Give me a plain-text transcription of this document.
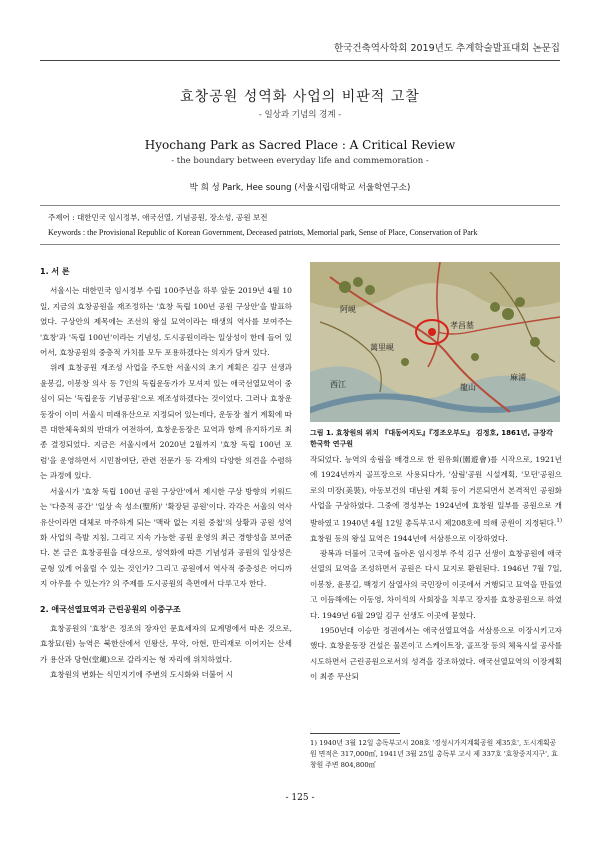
한국건축역사학회 2019년도 추계학술발표대회 논문집
효창공원 성역화 사업의 비판적 고찰
- 일상과 기념의 경계 -
Hyochang Park as Sacred Place : A Critical Review
- the boundary between everyday life and commemoration -
박 희 성 Park, Hee soung (서울시립대학교 서울학연구소)
주제어 : 대한민국 임시정부, 애국선열, 기념공원, 장소성, 공원 보전
Keywords : the Provisional Republic of Korean Government, Deceased patriots, Memorial park, Sense of Place, Conservation of Park
1. 서 론

서울시는 대한민국 임시정부 수립 100주년을 하루 앞둔 2019년 4월 10일, 지금의 효창공원을 재조정하는 '효창 독립 100년 공원 구상안'을 발표하였다. 구상안의 제목에는 조선의 왕실 묘역이라는 태생의 역사를 보여주는 '효창'과 '독립 100년'이라는 기념성, 도시공원이라는 일상성이 한데 들어 있어서, 효창공원의 중층적 가치를 모두 포용하겠다는 의지가 담겨 있다.

위례 효창공원 재조성 사업을 주도한 서울시의 초기 계획은 김구 선생과 윤봉길, 이봉창 의사 등 7인의 독립운동가가 모셔져 있는 애국선열묘역이 중심이 되는 '독립운동 기념공원'으로 재조성하겠다는 것이었다. 그러나 효창운동장이 이미 서울시 미래유산으로 지정되어 있는데다, 운동장 철거 계획에 따른 대한체육회의 반대가 여전하여, 효창운동장은 묘역과 함께 유지하기로 최종 결정되었다. 지금은 서울시에서 2020년 2월까지 '효창 독립 100년 포럼'을 운영하면서 시민참여단, 관련 전문가 등 각계의 다양한 의견을 수렴하는 과정에 있다.

서울시가 '효창 독립 100년 공원 구상안'에서 제시한 구상 방향의 키워드는 '다층적 공간' '일상 속 성소(聖所)' '확장된 공원'이다. 각각은 서울의 역사유산이라면 대체로 마주하게 되는 '맥락 없는 지원 중첩'의 상황과 공원 성역화 사업의 측발 지침, 그리고 지속 가능한 공원 운영의 최근 경향성을 보여준다. 본 글은 효창공원을 대상으로, 성역화에 따른 기념성과 공원의 일상성은 균형 있게 어울릴 수 있는 것인가? 그리고 공원에서 역사적 중층성은 어디까지 아우를 수 있는가? 의 주제를 도시공원의 측면에서 다루고자 한다.

2. 애국선열묘역과 근린공원의 이중구조

효창공원의 '효창'은 정조의 장자인 문효세자의 묘계명에서 따온 것으로, 효창묘(원) 능역은 북한산에서 인왕산, 무악, 아현, 만리재로 이어지는 산세가 용산과 당현(堂峴)으로 갈라지는 형 자리에 위치하였다.

효창원의 변화는 식민지기에 주변의 도시화와 더불어 시

阿峴
孝昌墓
萬里峴
龍山
西江
麻浦
그림 1. 효창원의 위치 『대동여지도』『경조오부도』 김정호, 1861년, 규장각 한국학 연구원

작되었다. 능역의 송림을 배경으로 한 원유회(園遊會)를 시작으로, 1921년에 1924년까지 골프장으로 사용되다가, '삼림'공원 시설계획, '모던'공원으로의 미장(美裝), 아동보건의 대난원 계획 등이 거론되면서 본격적인 공원화 사업을 구상하였다. 그중에 경성부는 1924년에 효창원 일부를 공원으로 개발하였고 1940년 4월 12일 총독부고시 제208호에 의해 공원이 지정된다.$^{1)}$ 효창원 등의 왕실 묘역은 1944년에 서삼릉으로 이장하였다.

광복과 더불어 고국에 돌아온 임시정부 주석 김구 선생이 효창공원에 애국선열의 묘역을 조성하면서 공원은 다시 묘지로 환원된다. 1946년 7월 7일, 이봉창, 윤봉길, 백정기 삼열사의 국민장이 이곳에서 거행되고 묘역을 만들었고 이듬해에는 이동영, 차이석의 사회장을 치루고 장지를 효창공원으로 하였다. 1949년 6월 29일 김구 선생도 이곳에 묻혔다.

1950년대 이승만 정권에서는 애국선열묘역을 서삼릉으로 이장시키고자 했다. 효창운동장 건설은 물론이고 스케이트장, 골프장 등의 체육시설 공사를 시도하면서 근린공원으로서의 성격을 강조하였다. 애국선열묘역의 이장계획이 최종 무산되

1) 1940년 3월 12일 총독부고시 208호 '경성시가지계획공원 제35호', 도시계획공원 면적은 317,000㎡, 1941년 3월 25일 총독부 고시 제 337호 '효창중지지구', 효창원 주변 804,800㎡
- 125 -
